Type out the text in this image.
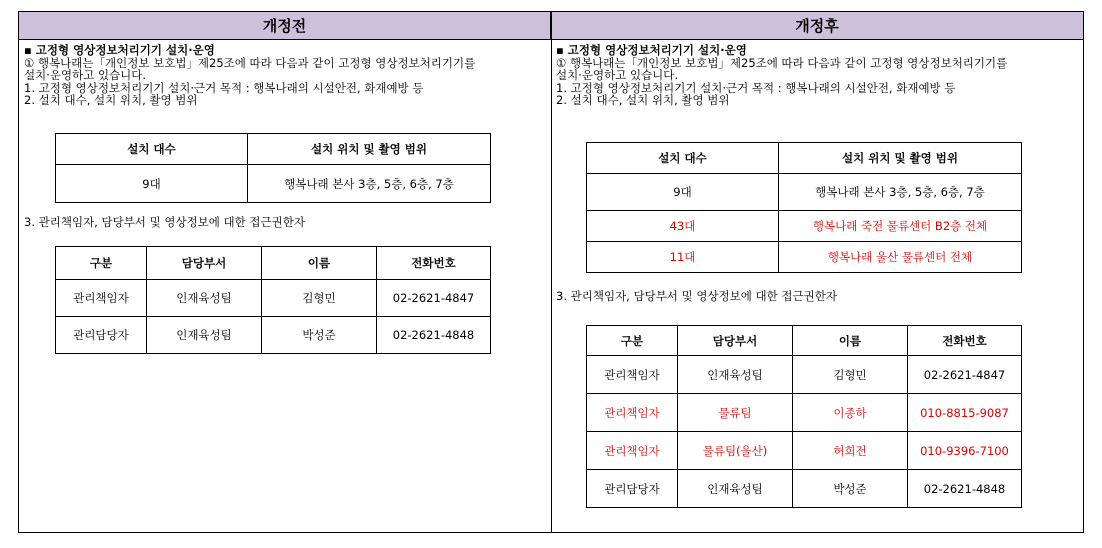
개정전	개정후
▪ 고정형 영상정보처리기기 설치·운영
① 행복나래는「개인정보 보호법」제25조에 따라 다음과 같이 고정형 영상정보처리기기를
설치·운영하고 있습니다.
1. 고정형 영상정보처리기기 설치·근거 목적 : 행복나래의 시설안전, 화재예방 등
2. 설치 대수, 설치 위치, 촬영 범위
설치 대수	설치 위치 및 촬영 범위
9대	행복나래 본사 3층, 5층, 6층, 7층
3. 관리책임자, 담당부서 및 영상정보에 대한 접근권한자
구분	담당부서	이름	전화번호
관리책임자	인재육성팀	김형민	02-2621-4847
관리담당자	인재육성팀	박성준	02-2621-4848
▪ 고정형 영상정보처리기기 설치·운영
① 행복나래는「개인정보 보호법」제25조에 따라 다음과 같이 고정형 영상정보처리기기를
설치·운영하고 있습니다.
1. 고정형 영상정보처리기기 설치·근거 목적 : 행복나래의 시설안전, 화재예방 등
2. 설치 대수, 설치 위치, 촬영 범위
설치 대수	설치 위치 및 촬영 범위
9대	행복나래 본사 3층, 5층, 6층, 7층
43대	행복나래 죽전 물류센터 B2층 전체
11대	행복나래 울산 물류센터 전체
3. 관리책임자, 담당부서 및 영상정보에 대한 접근권한자
구분	담당부서	이름	전화번호
관리책임자	인재육성팀	김형민	02-2621-4847
관리책임자	물류팀	이종하	010-8815-9087
관리책임자	물류팀(울산)	허희전	010-9396-7100
관리담당자	인재육성팀	박성준	02-2621-4848
